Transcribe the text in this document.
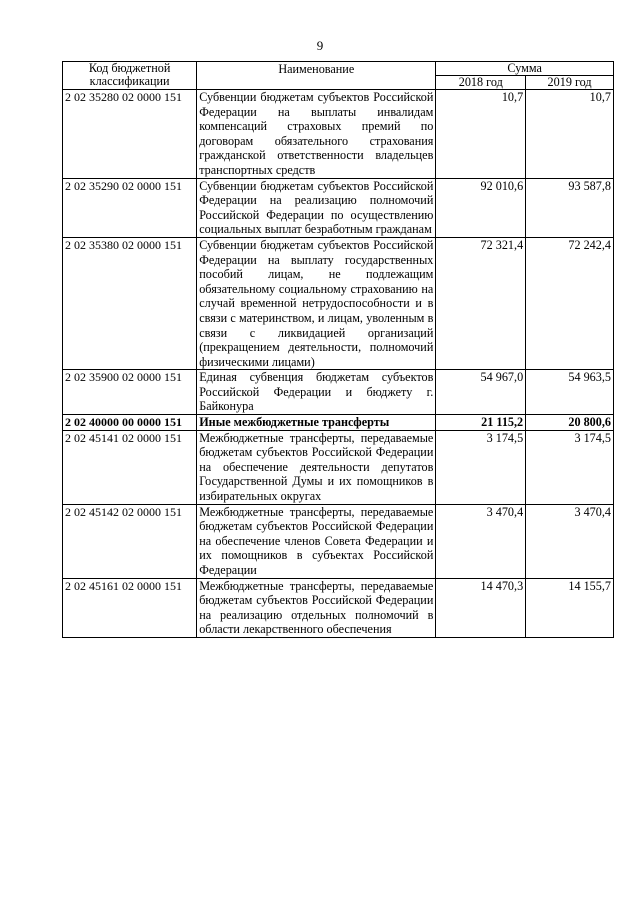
9
Код бюджетной классификации	Наименование	Сумма	
		2018 год	2019 год
2 02 35280 02 0000 151	Субвенции бюджетам субъектов Российской Федерации на выплаты инвалидам компенсаций страховых премий по договорам обязательного страхования гражданской ответственности владельцев транспортных средств	10,7	10,7
2 02 35290 02 0000 151	Субвенции бюджетам субъектов Российской Федерации на реализацию полномочий Российской Федерации по осуществлению социальных выплат безработным гражданам	92 010,6	93 587,8
2 02 35380 02 0000 151	Субвенции бюджетам субъектов Российской Федерации на выплату государственных пособий лицам, не подлежащим обязательному социальному страхованию на случай временной нетрудоспособности и в связи с материнством, и лицам, уволенным в связи с ликвидацией организаций (прекращением деятельности, полномочий физическими лицами)	72 321,4	72 242,4
2 02 35900 02 0000 151	Единая субвенция бюджетам субъектов Российской Федерации и бюджету г. Байконура	54 967,0	54 963,5
2 02 40000 00 0000 151	Иные межбюджетные трансферты	21 115,2	20 800,6
2 02 45141 02 0000 151	Межбюджетные трансферты, передаваемые бюджетам субъектов Российской Федерации на обеспечение деятельности депутатов Государственной Думы и их помощников в избирательных округах	3 174,5	3 174,5
2 02 45142 02 0000 151	Межбюджетные трансферты, передаваемые бюджетам субъектов Российской Федерации на обеспечение членов Совета Федерации и их помощников в субъектах Российской Федерации	3 470,4	3 470,4
2 02 45161 02 0000 151	Межбюджетные трансферты, передаваемые бюджетам субъектов Российской Федерации на реализацию отдельных полномочий в области лекарственного обеспечения	14 470,3	14 155,7
